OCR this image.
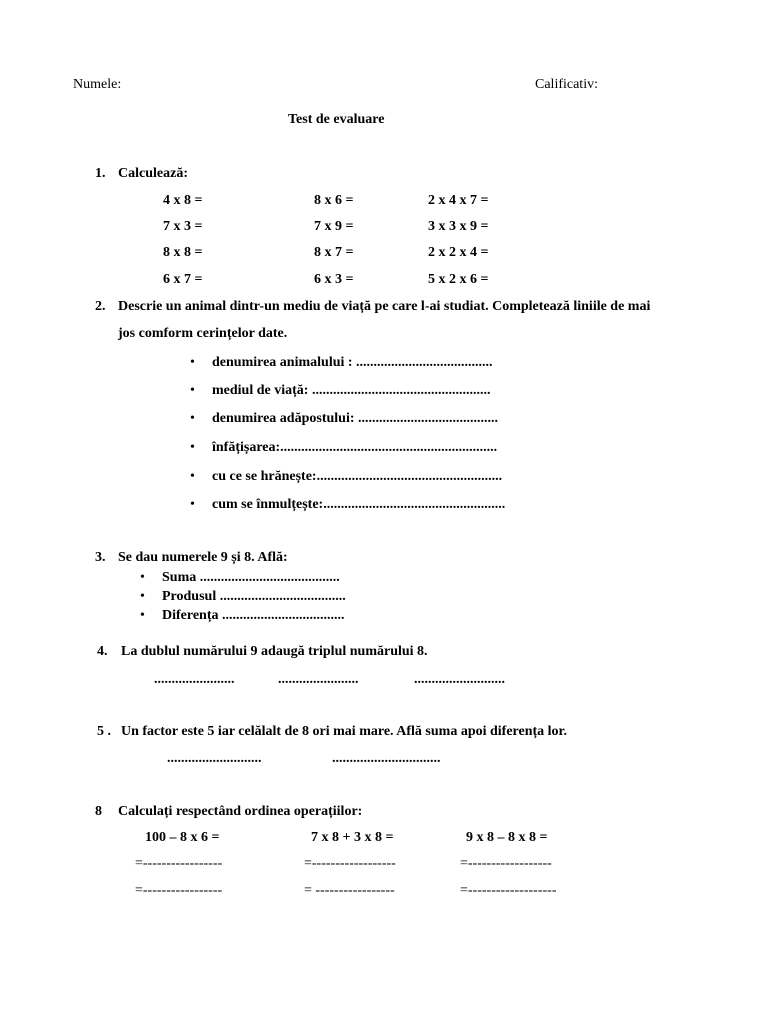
Numele:	Calificativ:
Test de evaluare
1. Calculează:
4 x 8 =	8 x 6 =	2 x 4 x 7 =
7 x 3 =	7 x 9 =	3 x 3 x 9 =
8 x 8 =	8 x 7 =	2 x 2 x 4 =
6 x 7 =	6 x 3 =	5 x 2 x 6 =
2. Descrie un animal dintr-un mediu de viață pe care l-ai studiat. Completează liniile de mai
jos comform cerințelor date.
• denumirea animalului : .......................................
• mediul de viață: ...................................................
• denumirea adăpostului: ........................................
• înfățișarea:..............................................................
• cu ce se hrănește:.....................................................
• cum se înmulțește:....................................................
3. Se dau numerele 9 și 8. Află:
• Suma ........................................
• Produsul ....................................
• Diferența ...................................
4. La dublul numărului 9 adaugă triplul numărului 8.
.......................	.......................	..........................
5 . Un factor este 5 iar celălalt de 8 ori mai mare. Află suma apoi diferența lor.
...........................	...............................
8 Calculați respectând ordinea operațiilor:
100 – 8 x 6 =	7 x 8 + 3 x 8 =	9 x 8 – 8 x 8 =
=-----------------	=------------------	=------------------
=-----------------	= -----------------	=-------------------
